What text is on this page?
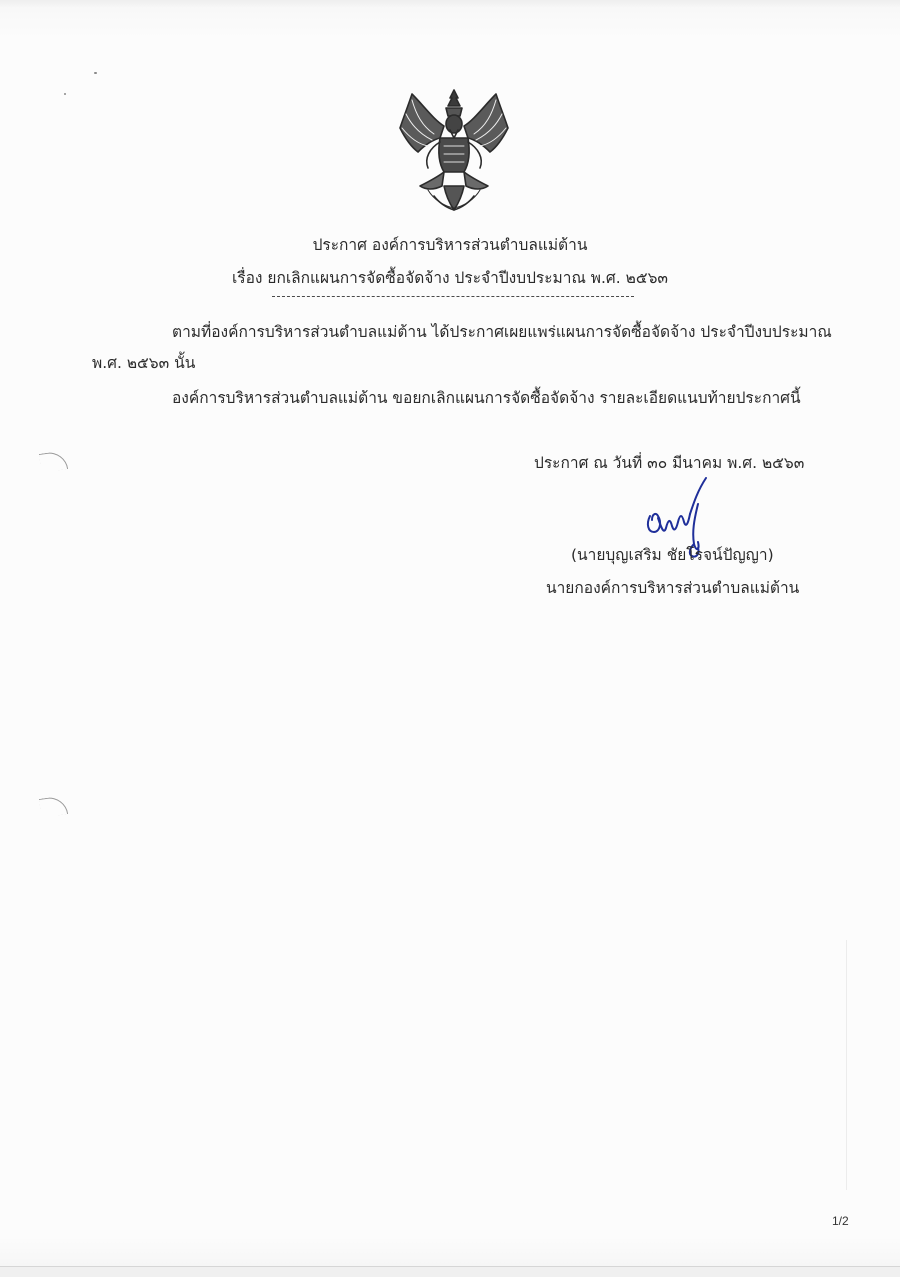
ประกาศ องค์การบริหารส่วนตำบลแม่ต้าน
เรื่อง ยกเลิกแผนการจัดซื้อจัดจ้าง ประจำปีงบประมาณ พ.ศ. ๒๕๖๓
ตามที่องค์การบริหารส่วนตำบลแม่ต้าน ได้ประกาศเผยแพร่แผนการจัดซื้อจัดจ้าง ประจำปีงบประมาณ
พ.ศ. ๒๕๖๓ นั้น
องค์การบริหารส่วนตำบลแม่ต้าน ขอยกเลิกแผนการจัดซื้อจัดจ้าง รายละเอียดแนบท้ายประกาศนี้
ประกาศ ณ วันที่ ๓๐ มีนาคม พ.ศ. ๒๕๖๓
(นายบุญเสริม ชัยโรจน์ปัญญา)
นายกองค์การบริหารส่วนตำบลแม่ต้าน
1/2
